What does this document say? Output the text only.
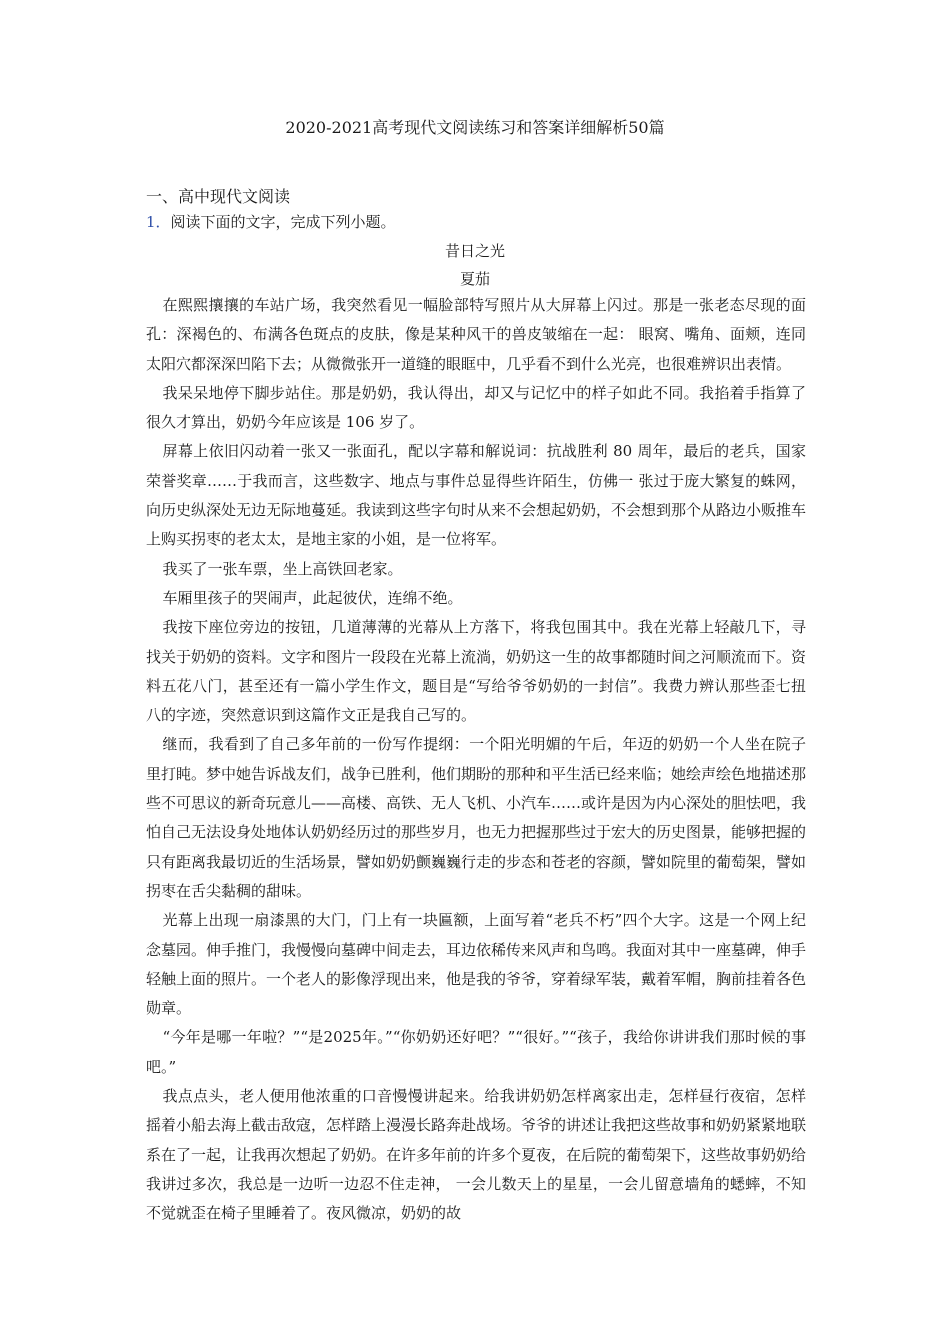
2020-2021高考现代文阅读练习和答案详细解析50篇
一、高中现代文阅读
1．阅读下面的文字，完成下列小题。
昔日之光
夏茄

在熙熙攘攘的车站广场，我突然看见一幅脸部特写照片从大屏幕上闪过。那是一张老态尽现的面孔：深褐色的、布满各色斑点的皮肤，像是某种风干的兽皮皱缩在一起： 眼窝、嘴角、面颊，连同太阳穴都深深凹陷下去；从微微张开一道缝的眼眶中，几乎看不到什么光亮，也很难辨识出表情。

我呆呆地停下脚步站住。那是奶奶，我认得出，却又与记忆中的样子如此不同。我掐着手指算了很久才算出，奶奶今年应该是 106 岁了。

屏幕上依旧闪动着一张又一张面孔，配以字幕和解说词：抗战胜利 80 周年，最后的老兵，国家荣誉奖章……于我而言，这些数字、地点与事件总显得些许陌生，仿佛一 张过于庞大繁复的蛛网，向历史纵深处无边无际地蔓延。我读到这些字句时从来不会想起奶奶，不会想到那个从路边小贩推车上购买拐枣的老太太，是地主家的小姐，是一位将军。

我买了一张车票，坐上高铁回老家。

车厢里孩子的哭闹声，此起彼伏，连绵不绝。

我按下座位旁边的按钮，几道薄薄的光幕从上方落下，将我包围其中。我在光幕上轻敲几下，寻找关于奶奶的资料。文字和图片一段段在光幕上流淌，奶奶这一生的故事都随时间之河顺流而下。资料五花八门，甚至还有一篇小学生作文，题目是“写给爷爷奶奶的一封信”。我费力辨认那些歪七扭八的字迹，突然意识到这篇作文正是我自己写的。

继而，我看到了自己多年前的一份写作提纲：一个阳光明媚的午后，年迈的奶奶一个人坐在院子里打盹。梦中她告诉战友们，战争已胜利，他们期盼的那种和平生活已经来临；她绘声绘色地描述那些不可思议的新奇玩意儿——高楼、高铁、无人飞机、小汽车……或许是因为内心深处的胆怯吧，我怕自己无法设身处地体认奶奶经历过的那些岁月，也无力把握那些过于宏大的历史图景，能够把握的只有距离我最切近的生活场景，譬如奶奶颤巍巍行走的步态和苍老的容颜，譬如院里的葡萄架，譬如拐枣在舌尖黏稠的甜味。

光幕上出现一扇漆黑的大门，门上有一块匾额，上面写着“老兵不朽”四个大字。这是一个网上纪念墓园。伸手推门，我慢慢向墓碑中间走去，耳边依稀传来风声和鸟鸣。我面对其中一座墓碑，伸手轻触上面的照片。一个老人的影像浮现出来，他是我的爷爷，穿着绿军装，戴着军帽，胸前挂着各色勋章。

“今年是哪一年啦？”“是2025年。”“你奶奶还好吧？”“很好。”“孩子，我给你讲讲我们那时候的事吧。”

我点点头，老人便用他浓重的口音慢慢讲起来。给我讲奶奶怎样离家出走，怎样昼行夜宿，怎样摇着小船去海上截击敌寇，怎样踏上漫漫长路奔赴战场。爷爷的讲述让我把这些故事和奶奶紧紧地联系在了一起，让我再次想起了奶奶。在许多年前的许多个夏夜，在后院的葡萄架下，这些故事奶奶给我讲过多次，我总是一边听一边忍不住走神， 一会儿数天上的星星，一会儿留意墙角的蟋蟀，不知不觉就歪在椅子里睡着了。夜风微凉，奶奶的故
